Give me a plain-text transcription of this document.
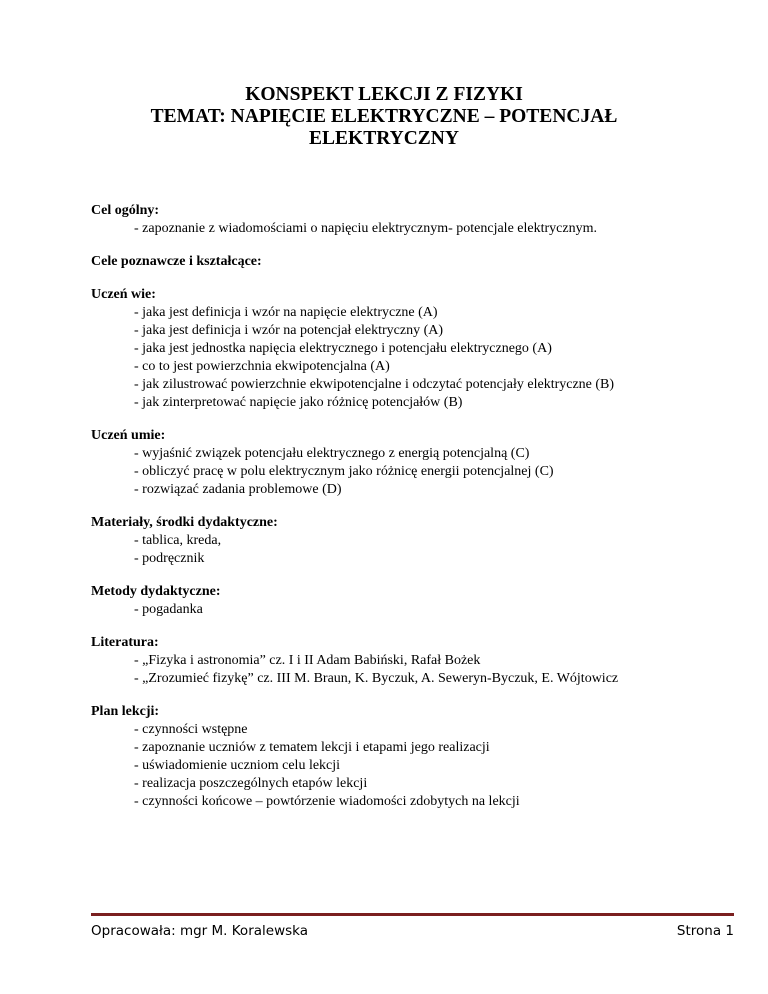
KONSPEKT LEKCJI Z FIZYKI
TEMAT: NAPIĘCIE ELEKTRYCZNE – POTENCJAŁ
ELEKTRYCZNY
Cel ogólny:
- zapoznanie z wiadomościami o napięciu elektrycznym- potencjale elektrycznym.
Cele poznawcze i kształcące:
Uczeń wie:
- jaka jest definicja i wzór na napięcie elektryczne (A)
- jaka jest definicja i wzór na potencjał elektryczny (A)
- jaka jest jednostka napięcia elektrycznego i potencjału elektrycznego (A)
- co to jest powierzchnia ekwipotencjalna (A)
- jak zilustrować powierzchnie ekwipotencjalne i odczytać potencjały elektryczne (B)
- jak zinterpretować napięcie jako różnicę potencjałów (B)
Uczeń umie:
- wyjaśnić związek potencjału elektrycznego z energią potencjalną (C)
- obliczyć pracę w polu elektrycznym jako różnicę energii potencjalnej (C)
- rozwiązać zadania problemowe (D)
Materiały, środki dydaktyczne:
- tablica, kreda,
- podręcznik
Metody dydaktyczne:
- pogadanka
Literatura:
- „Fizyka i astronomia” cz. I i II Adam Babiński, Rafał Bożek
- „Zrozumieć fizykę” cz. III M. Braun, K. Byczuk, A. Seweryn-Byczuk, E. Wójtowicz
Plan lekcji:
- czynności wstępne
- zapoznanie uczniów z tematem lekcji i etapami jego realizacji
- uświadomienie uczniom celu lekcji
- realizacja poszczególnych etapów lekcji
- czynności końcowe – powtórzenie wiadomości zdobytych na lekcji
Opracowała: mgr M. Koralewska	Strona 1
